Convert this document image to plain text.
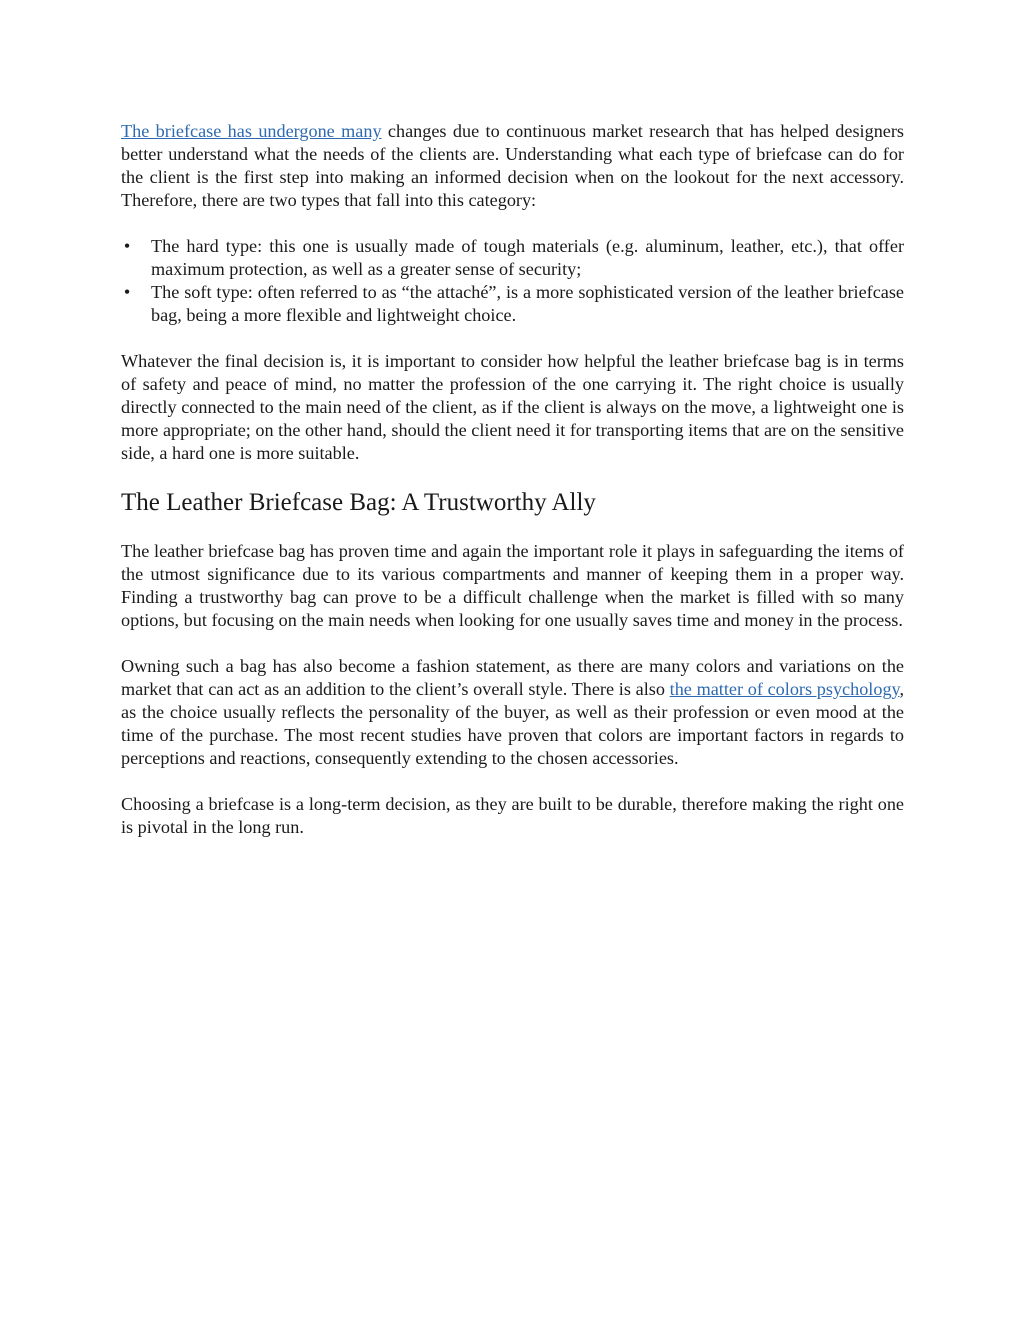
The briefcase has undergone many changes due to continuous market research that has helped designers better understand what the needs of the clients are. Understanding what each type of briefcase can do for the client is the first step into making an informed decision when on the lookout for the next accessory. Therefore, there are two types that fall into this category:

• The hard type: this one is usually made of tough materials (e.g. aluminum, leather, etc.), that offer maximum protection, as well as a greater sense of security;
• The soft type: often referred to as “the attaché”, is a more sophisticated version of the leather briefcase bag, being a more flexible and lightweight choice.

Whatever the final decision is, it is important to consider how helpful the leather briefcase bag is in terms of safety and peace of mind, no matter the profession of the one carrying it. The right choice is usually directly connected to the main need of the client, as if the client is always on the move, a lightweight one is more appropriate; on the other hand, should the client need it for transporting items that are on the sensitive side, a hard one is more suitable.

The Leather Briefcase Bag: A Trustworthy Ally

The leather briefcase bag has proven time and again the important role it plays in safeguarding the items of the utmost significance due to its various compartments and manner of keeping them in a proper way. Finding a trustworthy bag can prove to be a difficult challenge when the market is filled with so many options, but focusing on the main needs when looking for one usually saves time and money in the process.

Owning such a bag has also become a fashion statement, as there are many colors and variations on the market that can act as an addition to the client’s overall style. There is also the matter of colors psychology, as the choice usually reflects the personality of the buyer, as well as their profession or even mood at the time of the purchase. The most recent studies have proven that colors are important factors in regards to perceptions and reactions, consequently extending to the chosen accessories.

Choosing a briefcase is a long-term decision, as they are built to be durable, therefore making the right one is pivotal in the long run.
